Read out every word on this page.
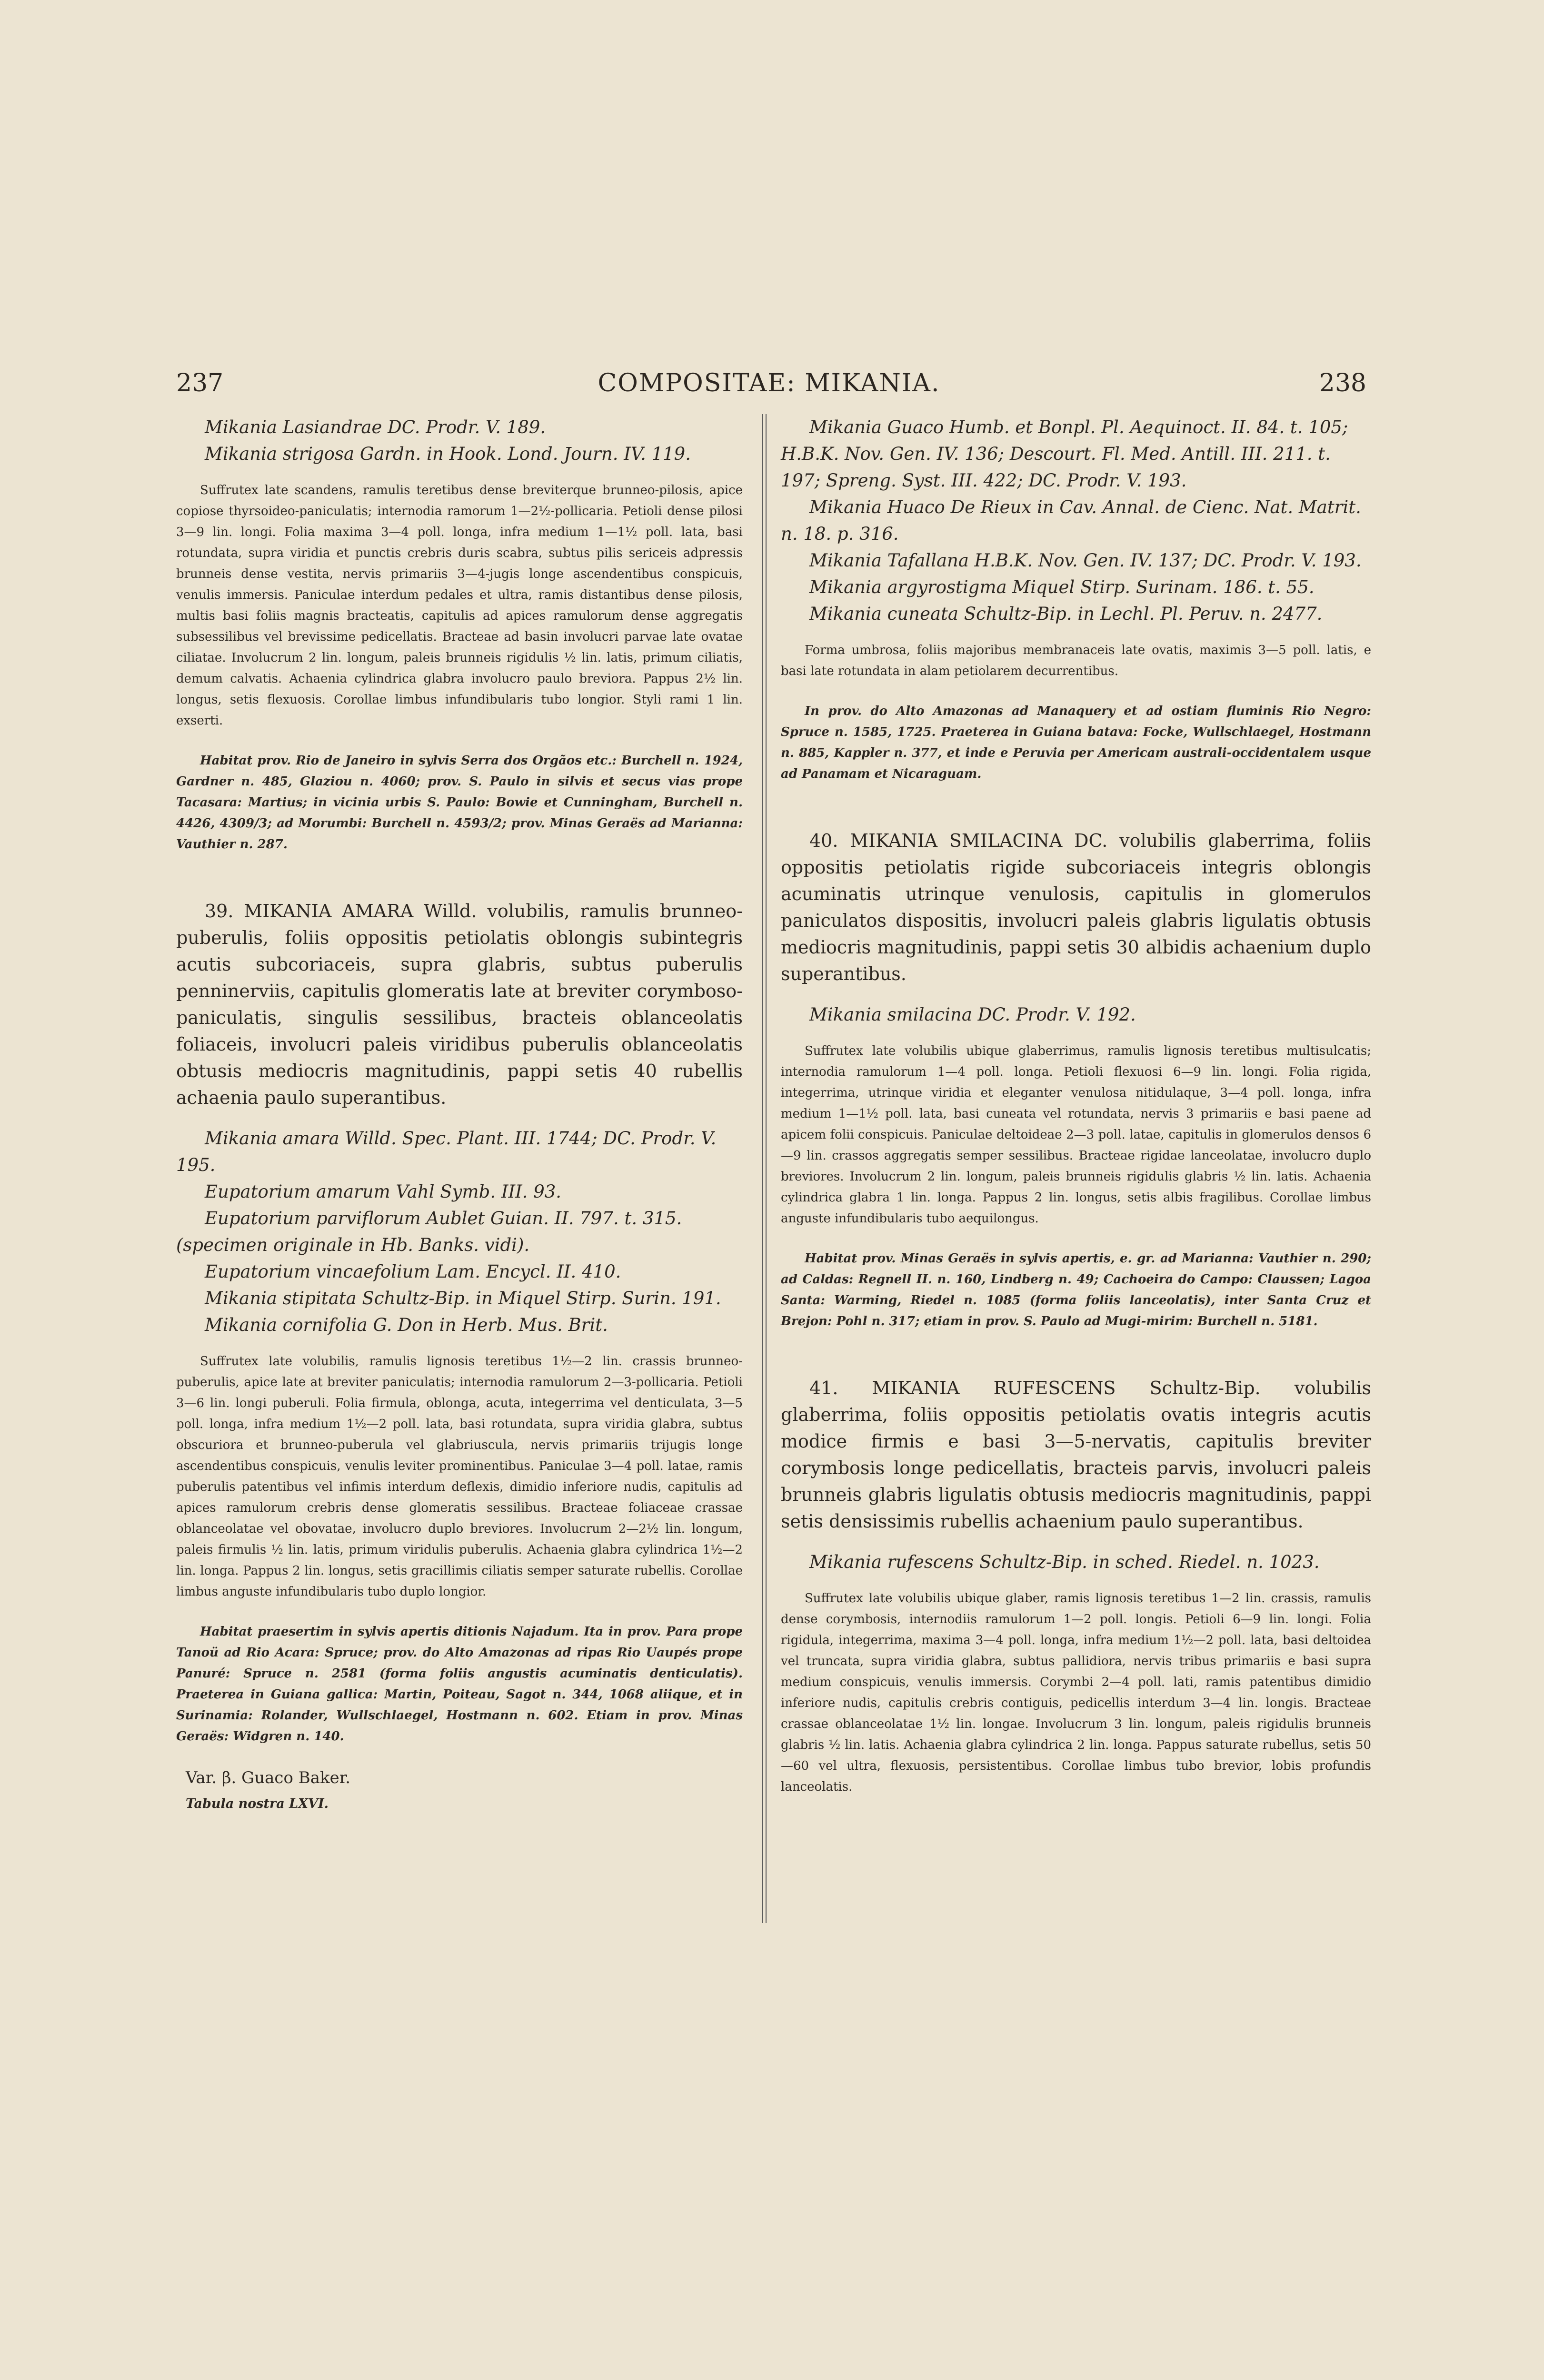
237	COMPOSITAE: MIKANIA.	238

Mikania Lasiandrae DC. Prodr. V. 189.

Mikania strigosa Gardn. in Hook. Lond. Journ. IV. 119.

Suffrutex late scandens, ramulis teretibus dense breviterque brunneo-pilosis, apice copiose thyrsoideo-paniculatis; internodia ramorum 1—2½-pollicaria. Petioli dense pilosi 3—9 lin. longi. Folia maxima 3—4 poll. longa, infra medium 1—1½ poll. lata, basi rotundata, supra viridia et punctis crebris duris scabra, subtus pilis sericeis adpressis brunneis dense vestita, nervis primariis 3—4-jugis longe ascendentibus conspicuis, venulis immersis. Paniculae interdum pedales et ultra, ramis distantibus dense pilosis, multis basi foliis magnis bracteatis, capitulis ad apices ramulorum dense aggregatis subsessilibus vel brevissime pedicellatis. Bracteae ad basin involucri parvae late ovatae ciliatae. Involucrum 2 lin. longum, paleis brunneis rigidulis ½ lin. latis, primum ciliatis, demum calvatis. Achaenia cylindrica glabra involucro paulo breviora. Pappus 2½ lin. longus, setis flexuosis. Corollae limbus infundibularis tubo longior. Styli rami 1 lin. exserti.

Habitat prov. Rio de Janeiro in sylvis Serra dos Orgãos etc.: Burchell n. 1924, Gardner n. 485, Glaziou n. 4060; prov. S. Paulo in silvis et secus vias prope Tacasara: Martius; in vicinia urbis S. Paulo: Bowie et Cunningham, Burchell n. 4426, 4309/3; ad Morumbi: Burchell n. 4593/2; prov. Minas Geraës ad Marianna: Vauthier n. 287.

39. MIKANIA AMARA Willd. volubilis, ramulis brunneo-puberulis, foliis oppositis petiolatis oblongis subintegris acutis subcoriaceis, supra glabris, subtus puberulis penninerviis, capitulis glomeratis late at breviter corymboso-paniculatis, singulis sessilibus, bracteis oblanceolatis foliaceis, involucri paleis viridibus puberulis oblanceolatis obtusis mediocris magnitudinis, pappi setis 40 rubellis achaenia paulo superantibus.

Mikania amara Willd. Spec. Plant. III. 1744; DC. Prodr. V. 195.

Eupatorium amarum Vahl Symb. III. 93.

Eupatorium parviflorum Aublet Guian. II. 797. t. 315. (specimen originale in Hb. Banks. vidi).

Eupatorium vincaefolium Lam. Encycl. II. 410.

Mikania stipitata Schultz-Bip. in Miquel Stirp. Surin. 191.

Mikania cornifolia G. Don in Herb. Mus. Brit.

Suffrutex late volubilis, ramulis lignosis teretibus 1½—2 lin. crassis brunneo-puberulis, apice late at breviter paniculatis; internodia ramulorum 2—3-pollicaria. Petioli 3—6 lin. longi puberuli. Folia firmula, oblonga, acuta, integerrima vel denticulata, 3—5 poll. longa, infra medium 1½—2 poll. lata, basi rotundata, supra viridia glabra, subtus obscuriora et brunneo-puberula vel glabriuscula, nervis primariis trijugis longe ascendentibus conspicuis, venulis leviter prominentibus. Paniculae 3—4 poll. latae, ramis puberulis patentibus vel infimis interdum deflexis, dimidio inferiore nudis, capitulis ad apices ramulorum crebris dense glomeratis sessilibus. Bracteae foliaceae crassae oblanceolatae vel obovatae, involucro duplo breviores. Involucrum 2—2½ lin. longum, paleis firmulis ½ lin. latis, primum viridulis puberulis. Achaenia glabra cylindrica 1½—2 lin. longa. Pappus 2 lin. longus, setis gracillimis ciliatis semper saturate rubellis. Corollae limbus anguste infundibularis tubo duplo longior.

Habitat praesertim in sylvis apertis ditionis Najadum. Ita in prov. Para prope Tanoü ad Rio Acara: Spruce; prov. do Alto Amazonas ad ripas Rio Uaupés prope Panuré: Spruce n. 2581 (forma foliis angustis acuminatis denticulatis). Praeterea in Guiana gallica: Martin, Poiteau, Sagot n. 344, 1068 aliique, et in Surinamia: Rolander, Wullschlaegel, Hostmann n. 602. Etiam in prov. Minas Geraës: Widgren n. 140.

Var. β. Guaco Baker.

Tabula nostra LXVI.

Mikania Guaco Humb. et Bonpl. Pl. Aequinoct. II. 84. t. 105; H.B.K. Nov. Gen. IV. 136; Descourt. Fl. Med. Antill. III. 211. t. 197; Spreng. Syst. III. 422; DC. Prodr. V. 193.

Mikania Huaco De Rieux in Cav. Annal. de Cienc. Nat. Matrit. n. 18. p. 316.

Mikania Tafallana H.B.K. Nov. Gen. IV. 137; DC. Prodr. V. 193.

Mikania argyrostigma Miquel Stirp. Surinam. 186. t. 55.

Mikania cuneata Schultz-Bip. in Lechl. Pl. Peruv. n. 2477.

Forma umbrosa, foliis majoribus membranaceis late ovatis, maximis 3—5 poll. latis, e basi late rotundata in alam petiolarem decurrentibus.

In prov. do Alto Amazonas ad Manaquery et ad ostiam fluminis Rio Negro: Spruce n. 1585, 1725. Praeterea in Guiana batava: Focke, Wullschlaegel, Hostmann n. 885, Kappler n. 377, et inde e Peruvia per Americam australi-occidentalem usque ad Panamam et Nicaraguam.

40. MIKANIA SMILACINA DC. volubilis glaberrima, foliis oppositis petiolatis rigide subcoriaceis integris oblongis acuminatis utrinque venulosis, capitulis in glomerulos paniculatos dispositis, involucri paleis glabris ligulatis obtusis mediocris magnitudinis, pappi setis 30 albidis achaenium duplo superantibus.

Mikania smilacina DC. Prodr. V. 192.

Suffrutex late volubilis ubique glaberrimus, ramulis lignosis teretibus multisulcatis; internodia ramulorum 1—4 poll. longa. Petioli flexuosi 6—9 lin. longi. Folia rigida, integerrima, utrinque viridia et eleganter venulosa nitidulaque, 3—4 poll. longa, infra medium 1—1½ poll. lata, basi cuneata vel rotundata, nervis 3 primariis e basi paene ad apicem folii conspicuis. Paniculae deltoideae 2—3 poll. latae, capitulis in glomerulos densos 6—9 lin. crassos aggregatis semper sessilibus. Bracteae rigidae lanceolatae, involucro duplo breviores. Involucrum 2 lin. longum, paleis brunneis rigidulis glabris ½ lin. latis. Achaenia cylindrica glabra 1 lin. longa. Pappus 2 lin. longus, setis albis fragilibus. Corollae limbus anguste infundibularis tubo aequilongus.

Habitat prov. Minas Geraës in sylvis apertis, e. gr. ad Marianna: Vauthier n. 290; ad Caldas: Regnell II. n. 160, Lindberg n. 49; Cachoeira do Campo: Claussen; Lagoa Santa: Warming, Riedel n. 1085 (forma foliis lanceolatis), inter Santa Cruz et Brejon: Pohl n. 317; etiam in prov. S. Paulo ad Mugi-mirim: Burchell n. 5181.

41. MIKANIA RUFESCENS Schultz-Bip. volubilis glaberrima, foliis oppositis petiolatis ovatis integris acutis modice firmis e basi 3—5-nervatis, capitulis breviter corymbosis longe pedicellatis, bracteis parvis, involucri paleis brunneis glabris ligulatis obtusis mediocris magnitudinis, pappi setis densissimis rubellis achaenium paulo superantibus.

Mikania rufescens Schultz-Bip. in sched. Riedel. n. 1023.

Suffrutex late volubilis ubique glaber, ramis lignosis teretibus 1—2 lin. crassis, ramulis dense corymbosis, internodiis ramulorum 1—2 poll. longis. Petioli 6—9 lin. longi. Folia rigidula, integerrima, maxima 3—4 poll. longa, infra medium 1½—2 poll. lata, basi deltoidea vel truncata, supra viridia glabra, subtus pallidiora, nervis tribus primariis e basi supra medium conspicuis, venulis immersis. Corymbi 2—4 poll. lati, ramis patentibus dimidio inferiore nudis, capitulis crebris contiguis, pedicellis interdum 3—4 lin. longis. Bracteae crassae oblanceolatae 1½ lin. longae. Involucrum 3 lin. longum, paleis rigidulis brunneis glabris ½ lin. latis. Achaenia glabra cylindrica 2 lin. longa. Pappus saturate rubellus, setis 50—60 vel ultra, flexuosis, persistentibus. Corollae limbus tubo brevior, lobis profundis lanceolatis.
